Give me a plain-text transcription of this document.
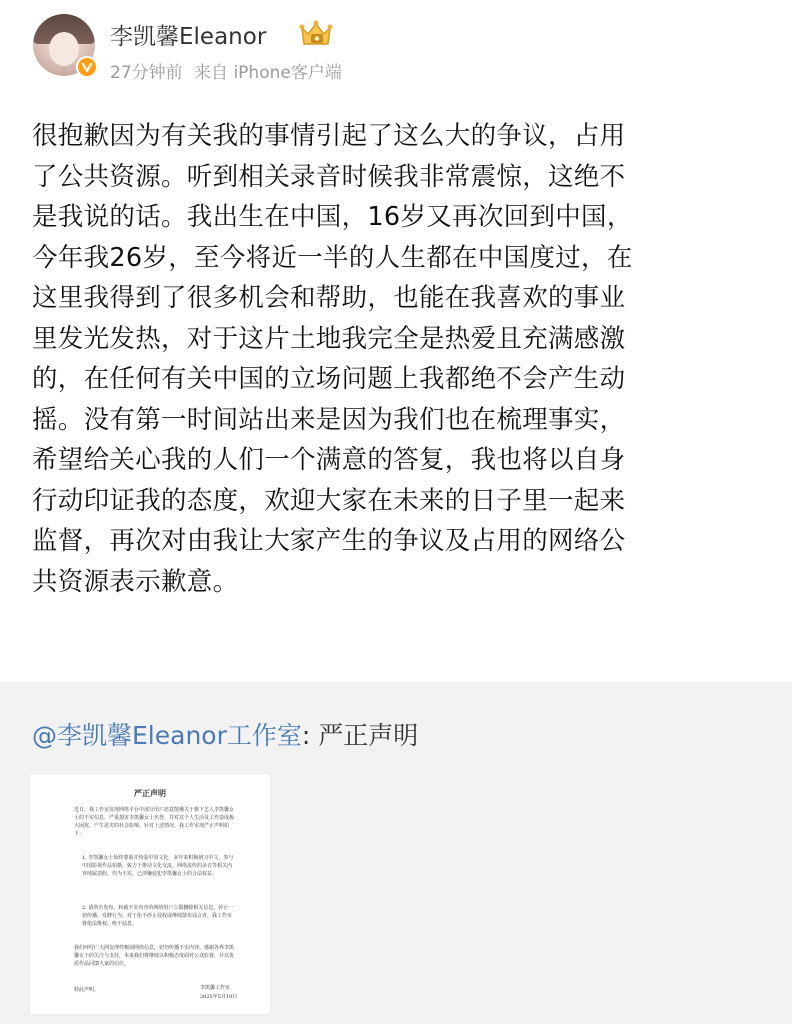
李凯馨Eleanor
27分钟前 来自 iPhone客户端
很抱歉因为有关我的事情引起了这么大的争议，占用
了公共资源。听到相关录音时候我非常震惊，这绝不
是我说的话。我出生在中国，16岁又再次回到中国，
今年我26岁，至今将近一半的人生都在中国度过，在
这里我得到了很多机会和帮助，也能在我喜欢的事业
里发光发热，对于这片土地我完全是热爱且充满感激
的，在任何有关中国的立场问题上我都绝不会产生动
摇。没有第一时间站出来是因为我们也在梳理事实，
希望给关心我的人们一个满意的答复，我也将以自身
行动印证我的态度，欢迎大家在未来的日子里一起来
监督，再次对由我让大家产生的争议及占用的网络公
共资源表示歉意。
@李凯馨Eleanor工作室: 严正声明
严正声明
近日，我工作室发现网络平台中部分用户恶意散播关于旗下艺人李凯馨女士的不实信息，严重损害李凯馨女士名誉，并对其个人生活及工作造成极大困扰，产生恶劣的社会影响。针对上述情况，我工作室现严正声明如下：
1. 李凯馨女士始终尊重并热爱中国文化，多年来积极研习中文，参与中国影视作品拍摄，致力于推动文化交流。网络流传的录音等相关内容纯属造假，均为不实，已涉嫌侵犯李凯馨女士的合法权益。
2. 请所有发布、转载不实内容的网络用户立即删除相关信息，停止一切传播、发酵行为。对于拒不停止侵权或继续散布谣言者，我工作室将依法维权，绝不姑息。
我们呼吁广大网友理性甄别网络信息，切勿传播不实内容。感谢各界李凯馨女士的关注与支持，未来我们将继续以积极态度面对公众监督，并以优质作品回馈大家的信任。
特此声明。	李凯馨工作室
2025年5月10日
